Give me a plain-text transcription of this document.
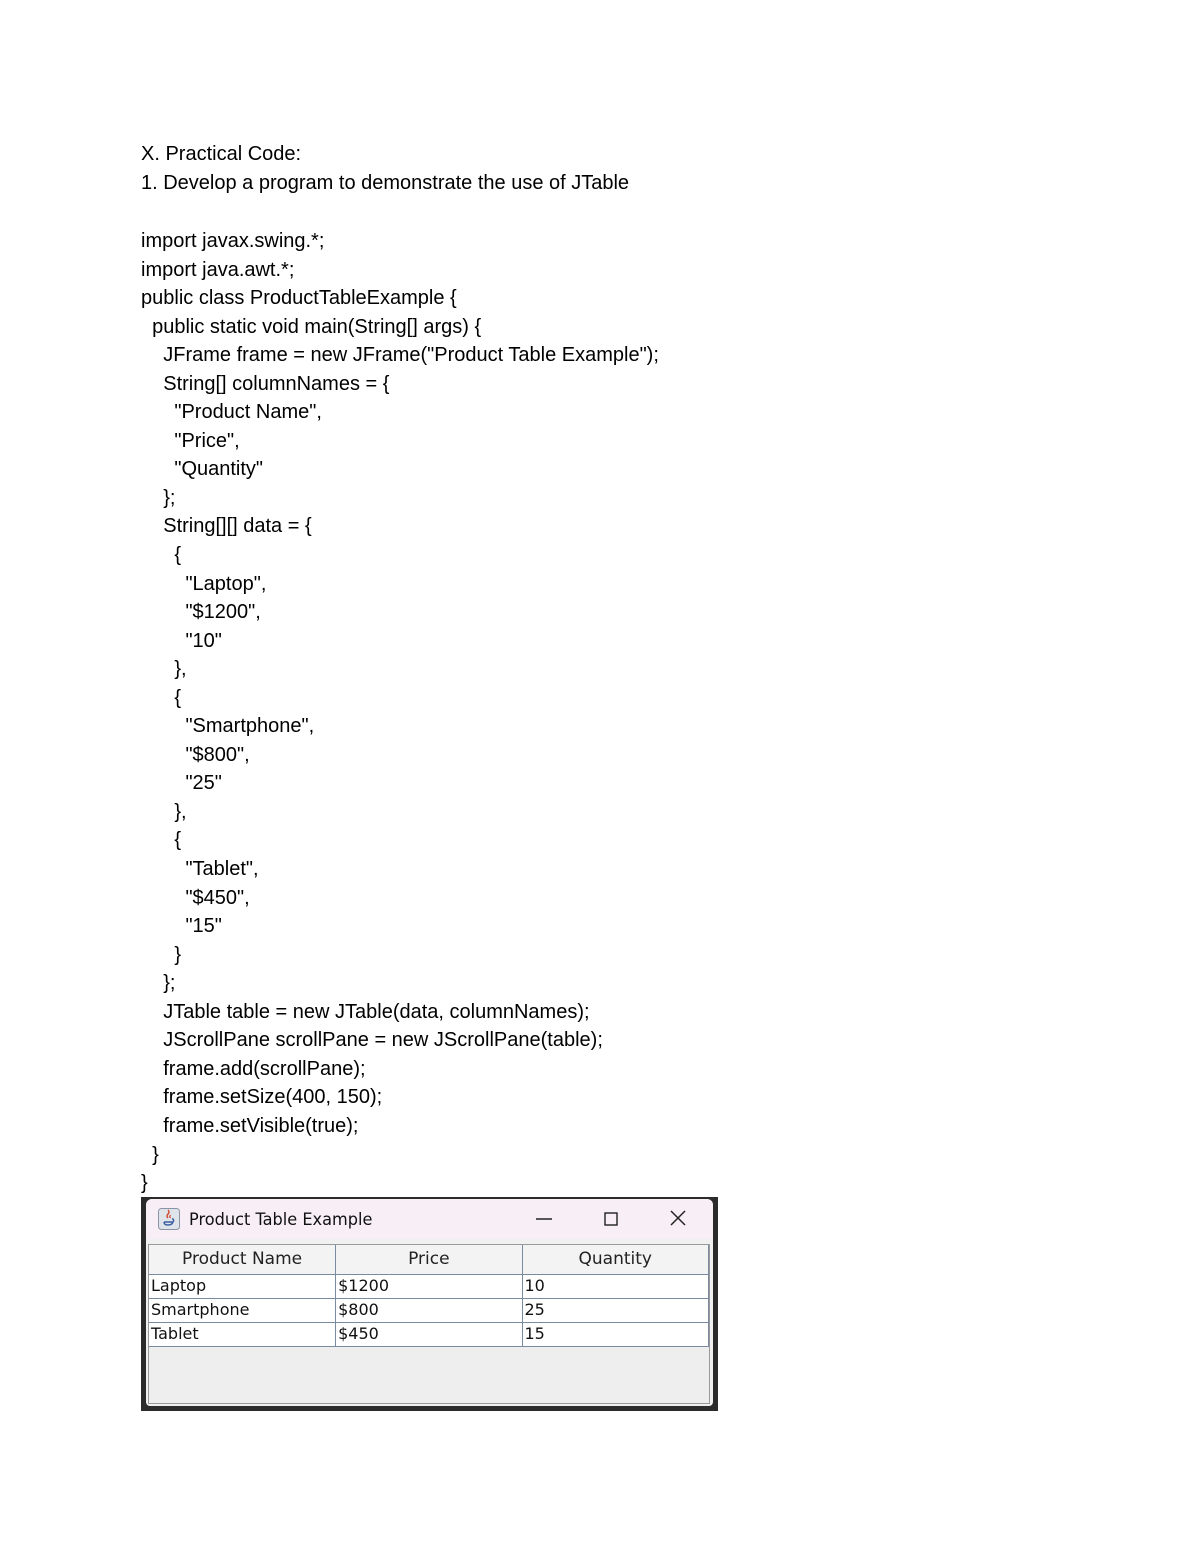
X. Practical Code:
1. Develop a program to demonstrate the use of JTable
import javax.swing.*;
import java.awt.*;
public class ProductTableExample {
public static void main(String[] args) {
JFrame frame = new JFrame("Product Table Example");
String[] columnNames = {
"Product Name",
"Price",
"Quantity"
};
String[][] data = {
{
"Laptop",
"$1200",
"10"
},
{
"Smartphone",
"$800",
"25"
},
{
"Tablet",
"$450",
"15"
}
};
JTable table = new JTable(data, columnNames);
JScrollPane scrollPane = new JScrollPane(table);
frame.add(scrollPane);
frame.setSize(400, 150);
frame.setVisible(true);
}
}
Product Table Example
Product Name	Price	Quantity
Laptop	$1200	10
Smartphone	$800	25
Tablet	$450	15
